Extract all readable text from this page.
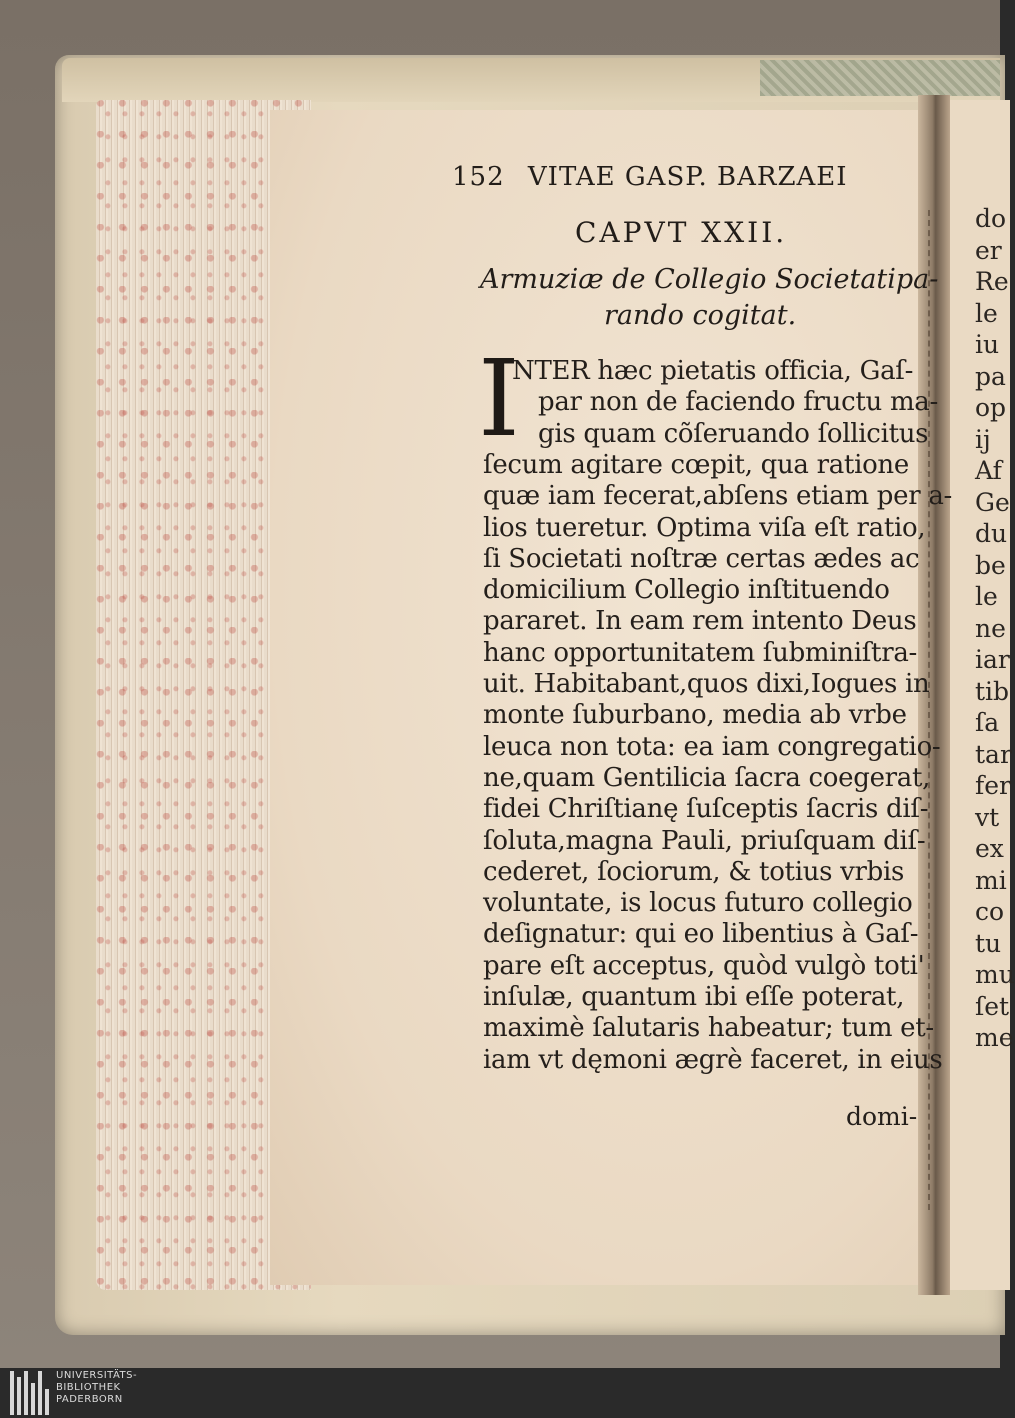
do
er
Re
le
iu
pa
op
ij
Af
Ge
du
be
le
ne
iar
tib
ſa
tar
fer
vt
ex
mi
co
tu
mu
ſet
me
152 VITAE GASP. BARZAEI
CAPVT XXII.
Armuziæ de Collegio Societatipa-
rando cogitat.
I
NTER hæc pietatis officia, Gaſ-
par non de faciendo fructu ma-
gis quam cõſeruando ſollicitus
ſecum agitare cœpit, qua ratione
quæ iam fecerat,abſens etiam per a-
lios tueretur. Optima viſa eſt ratio,
ſi Societati noſtræ certas ædes ac
domicilium Collegio inſtituendo
pararet. In eam rem intento Deus
hanc opportunitatem ſubminiſtra-
uit. Habitabant,quos dixi,Iogues in
monte ſuburbano, media ab vrbe
leuca non tota: ea iam congregatio-
ne,quam Gentilicia ſacra coegerat,
fidei Chriſtianę ſuſceptis ſacris diſ-
ſoluta,magna Pauli, priuſquam diſ-
cederet, ſociorum, & totius vrbis
voluntate, is locus futuro collegio
deſignatur: qui eo libentius à Gaſ-
pare eſt acceptus, quòd vulgò toti'
inſulæ, quantum ibi eſſe poterat,
maximè ſalutaris habeatur; tum et-
iam vt dęmoni ægrè faceret, in eius
domi-
UNIVERSITÄTS-
BIBLIOTHEK
PADERBORN
